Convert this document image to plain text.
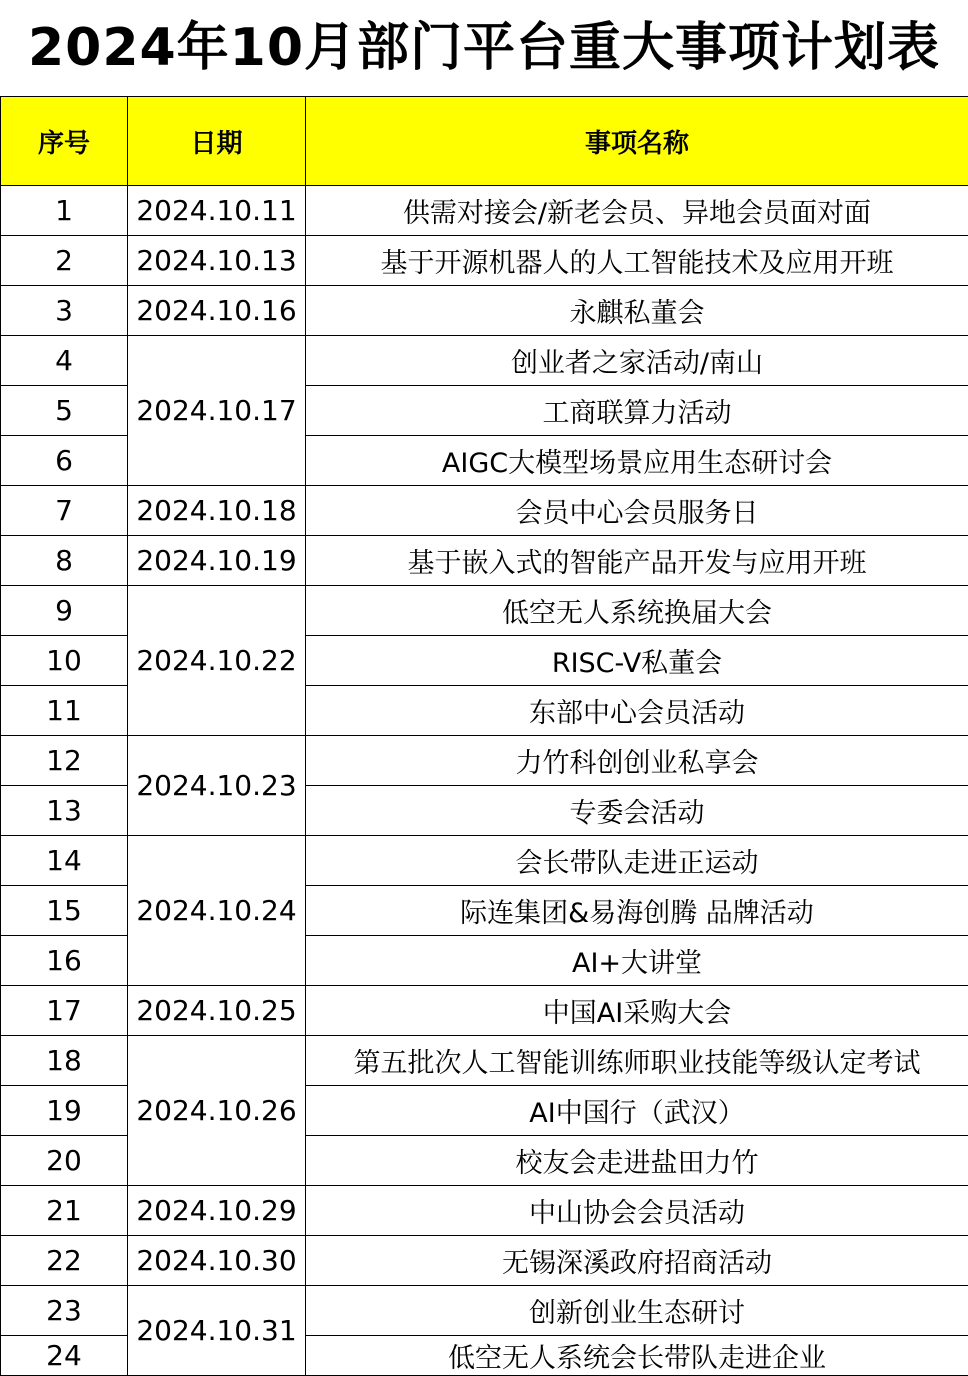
2024年10月部门平台重大事项计划表
序号	日期	事项名称
1	2024.10.11	供需对接会/新老会员、异地会员面对面
2	2024.10.13	基于开源机器人的人工智能技术及应用开班
3	2024.10.16	永麒私董会
4	2024.10.17	创业者之家活动/南山
5		工商联算力活动
6		AIGC大模型场景应用生态研讨会
7	2024.10.18	会员中心会员服务日
8	2024.10.19	基于嵌入式的智能产品开发与应用开班
9	2024.10.22	低空无人系统换届大会
10		RISC-V私董会
11		东部中心会员活动
12	2024.10.23	力竹科创创业私享会
13		专委会活动
14	2024.10.24	会长带队走进正运动
15		际连集团&易海创腾 品牌活动
16		AI+大讲堂
17	2024.10.25	中国AI采购大会
18	2024.10.26	第五批次人工智能训练师职业技能等级认定考试
19		AI中国行（武汉）
20		校友会走进盐田力竹
21	2024.10.29	中山协会会员活动
22	2024.10.30	无锡深溪政府招商活动
23	2024.10.31	创新创业生态研讨
24		低空无人系统会长带队走进企业
